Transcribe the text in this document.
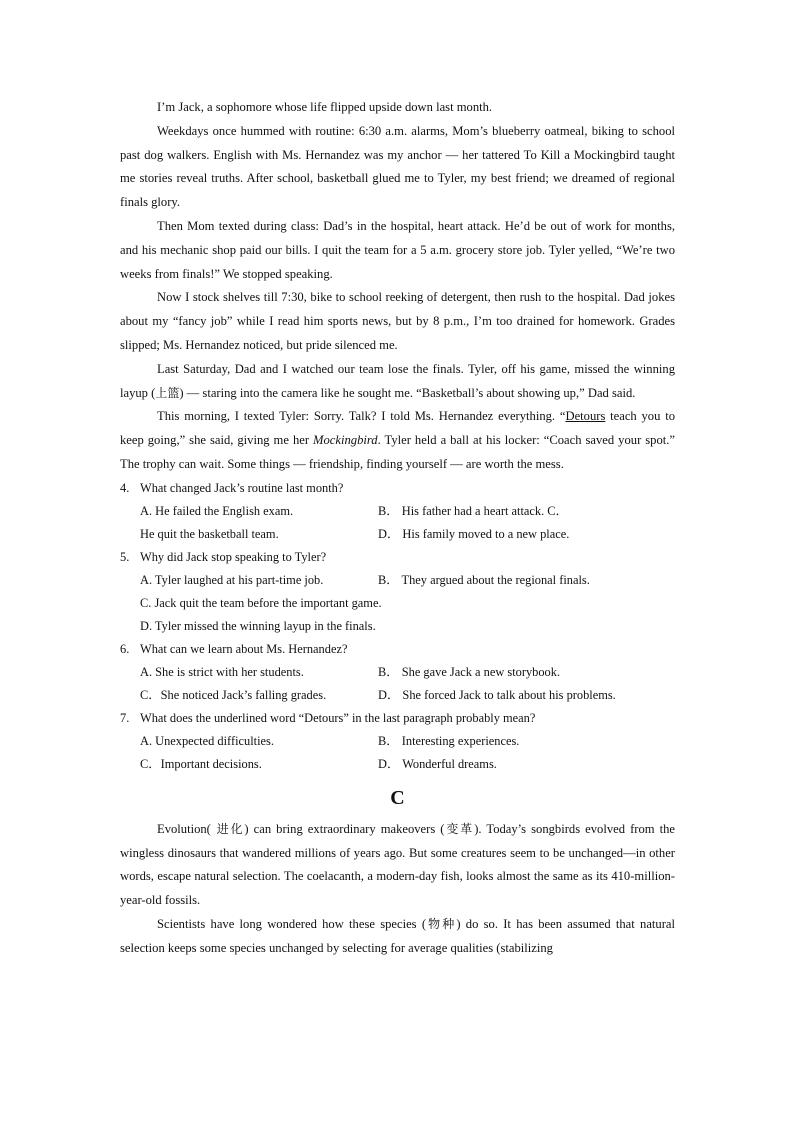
I’m Jack, a sophomore whose life flipped upside down last month.

Weekdays once hummed with routine: 6:30 a.m. alarms, Mom’s blueberry oatmeal, biking to school past dog walkers. English with Ms. Hernandez was my anchor — her tattered To Kill a Mockingbird taught me stories reveal truths. After school, basketball glued me to Tyler, my best friend; we dreamed of regional finals glory.

Then Mom texted during class: Dad’s in the hospital, heart attack. He’d be out of work for months, and his mechanic shop paid our bills. I quit the team for a 5 a.m. grocery store job. Tyler yelled, “We’re two weeks from finals!” We stopped speaking.

Now I stock shelves till 7:30, bike to school reeking of detergent, then rush to the hospital. Dad jokes about my “fancy job” while I read him sports news, but by 8 p.m., I’m too drained for homework. Grades slipped; Ms. Hernandez noticed, but pride silenced me.

Last Saturday, Dad and I watched our team lose the finals. Tyler, off his game, missed the winning layup (上篮) — staring into the camera like he sought me. “Basketball’s about showing up,” Dad said.

This morning, I texted Tyler: Sorry. Talk? I told Ms. Hernandez everything. “Detours teach you to keep going,” she said, giving me her Mockingbird. Tyler held a ball at his locker: “Coach saved your spot.” The trophy can wait. Some things — friendship, finding yourself — are worth the mess.

4. What changed Jack’s routine last month?
A. He failed the English exam.	B． His father had a heart attack. C．
He quit the basketball team.	D． His family moved to a new place.
5. Why did Jack stop speaking to Tyler?
A. Tyler laughed at his part-time job.	B． They argued about the regional finals.
C. Jack quit the team before the important game.
D. Tyler missed the winning layup in the finals.
6. What can we learn about Ms. Hernandez?
A. She is strict with her students.	B． She gave Jack a new storybook.
C．She noticed Jack’s falling grades.	D． She forced Jack to talk about his problems.
7. What does the underlined word “Detours” in the last paragraph probably mean?
A. Unexpected difficulties.	B． Interesting experiences.
C．Important decisions.	D． Wonderful dreams.
C

Evolution( 进化) can bring extraordinary makeovers (变革). Today’s songbirds evolved from the wingless dinosaurs that wandered millions of years ago. But some creatures seem to be unchanged—in other words, escape natural selection. The coelacanth, a modern-day fish, looks almost the same as its 410-million-year-old fossils.

Scientists have long wondered how these species (物种) do so. It has been assumed that natural selection keeps some species unchanged by selecting for average qualities (stabilizing
